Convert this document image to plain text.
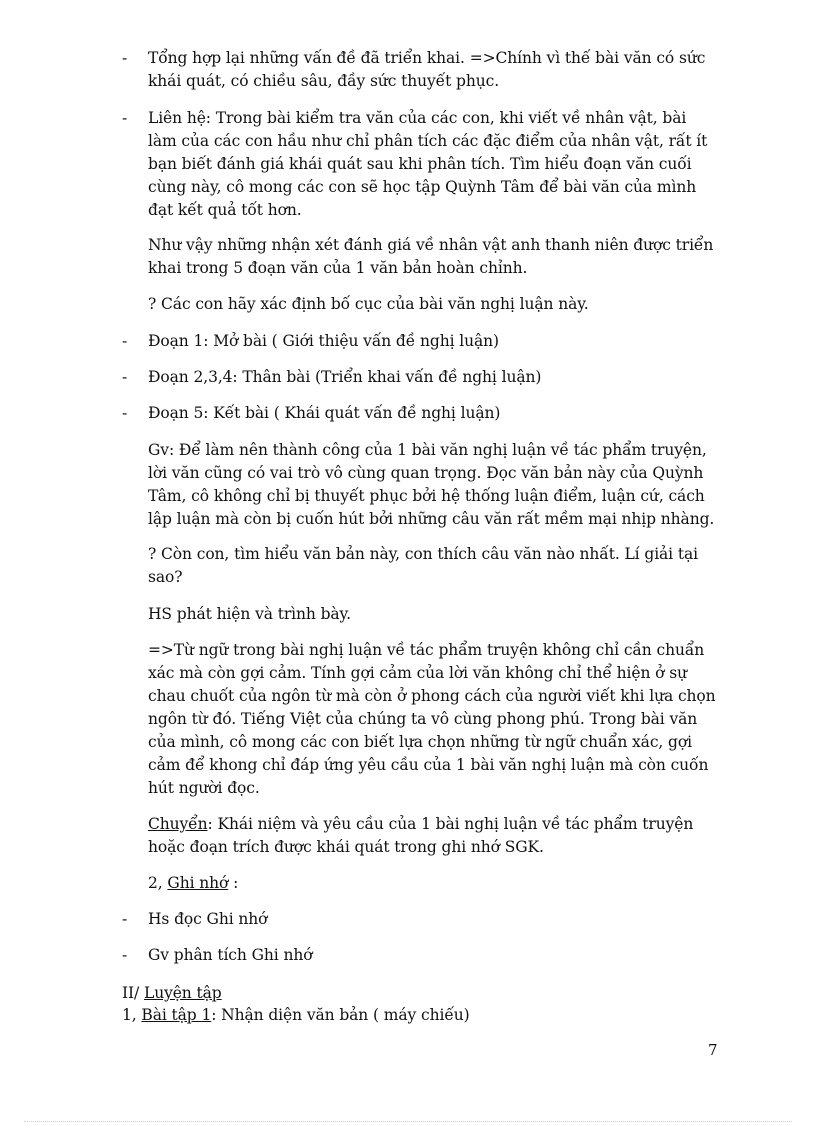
- Tổng hợp lại những vấn đề đã triển khai. =>Chính vì thế bài văn có sức khái quát, có chiều sâu, đầy sức thuyết phục.
- Liên hệ: Trong bài kiểm tra văn của các con, khi viết về nhân vật, bài làm của các con hầu như chỉ phân tích các đặc điểm của nhân vật, rất ít bạn biết đánh giá khái quát sau khi phân tích. Tìm hiểu đoạn văn cuối cùng này, cô mong các con sẽ học tập Quỳnh Tâm để bài văn của mình đạt kết quả tốt hơn.
Như vậy những nhận xét đánh giá về nhân vật anh thanh niên được triển khai trong 5 đoạn văn của 1 văn bản hoàn chỉnh.
? Các con hãy xác định bố cục của bài văn nghị luận này.
- Đoạn 1: Mở bài ( Giới thiệu vấn đề nghị luận)
- Đoạn 2,3,4: Thân bài (Triển khai vấn đề nghị luận)
- Đoạn 5: Kết bài ( Khái quát vấn đề nghị luận)
Gv: Để làm nên thành công của 1 bài văn nghị luận về tác phẩm truyện, lời văn cũng có vai trò vô cùng quan trọng. Đọc văn bản này của Quỳnh Tâm, cô không chỉ bị thuyết phục bởi hệ thống luận điểm, luận cứ, cách lập luận mà còn bị cuốn hút bởi những câu văn rất mềm mại nhịp nhàng.
? Còn con, tìm hiểu văn bản này, con thích câu văn nào nhất. Lí giải tại sao?
HS phát hiện và trình bày.
=>Từ ngữ trong bài nghị luận về tác phẩm truyện không chỉ cần chuẩn xác mà còn gợi cảm. Tính gợi cảm của lời văn không chỉ thể hiện ở sự chau chuốt của ngôn từ mà còn ở phong cách của người viết khi lựa chọn ngôn từ đó. Tiếng Việt của chúng ta vô cùng phong phú. Trong bài văn của mình, cô mong các con biết lựa chọn những từ ngữ chuẩn xác, gợi cảm để khong chỉ đáp ứng yêu cầu của 1 bài văn nghị luận mà còn cuốn hút người đọc.
Chuyển: Khái niệm và yêu cầu của 1 bài nghị luận về tác phẩm truyện hoặc đoạn trích được khái quát trong ghi nhớ SGK.
2, Ghi nhớ :
- Hs đọc Ghi nhớ
- Gv phân tích Ghi nhớ
II/ Luyện tập
1, Bài tập 1: Nhận diện văn bản ( máy chiếu)
7
